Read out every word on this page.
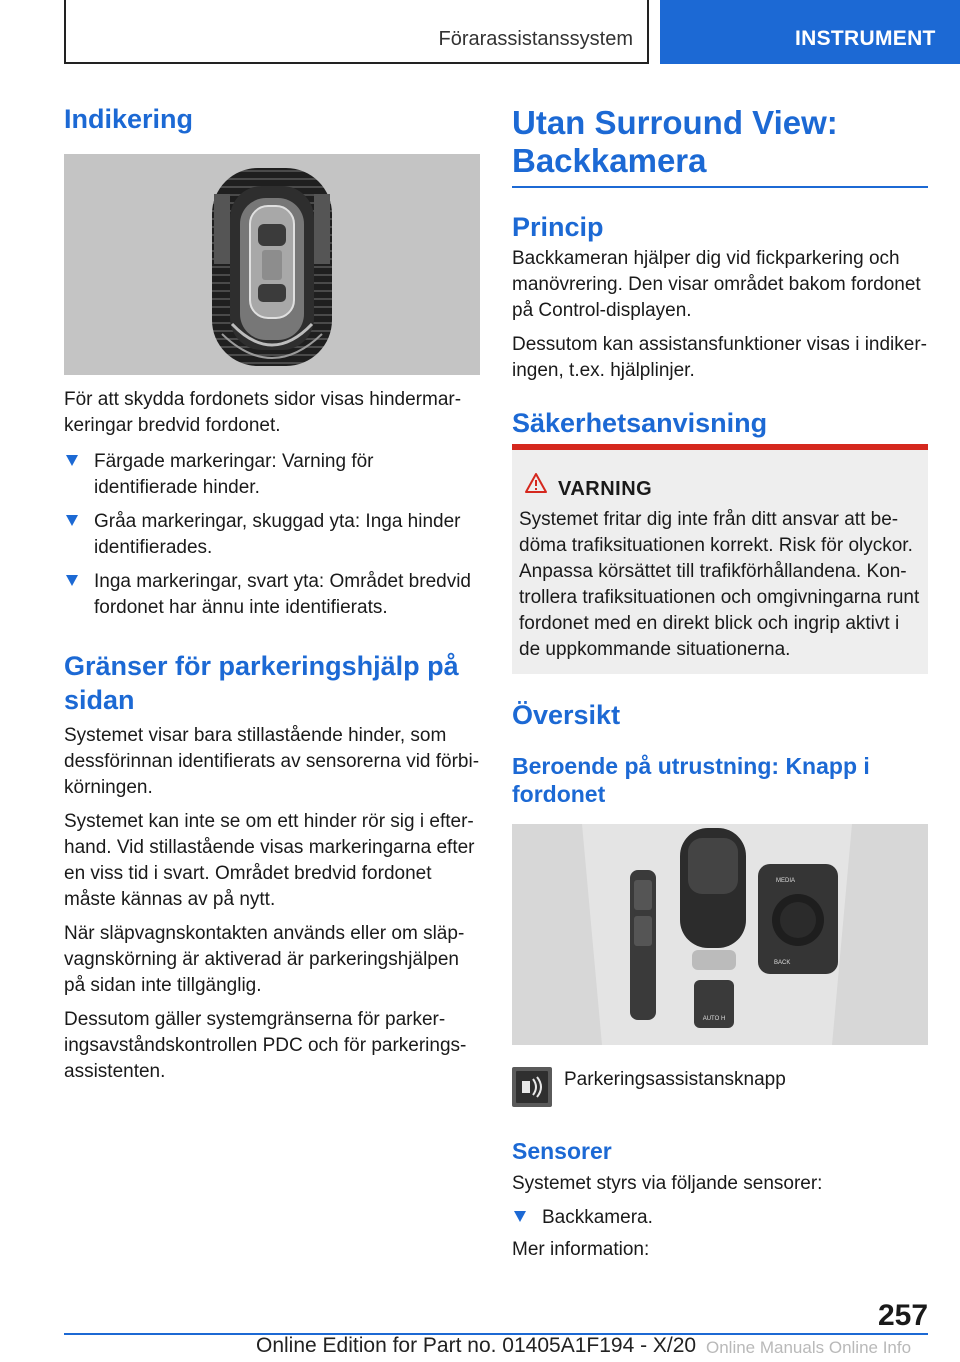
Förarassistanssystem	INSTRUMENT
Indikering

För att skydda fordonets sidor visas hindermar-keringar bredvid fordonet.

Färgade markeringar: Varning för identifierade hinder.
Gråa markeringar, skuggad yta: Inga hinder identifierades.
Inga markeringar, svart yta: Området bredvid fordonet har ännu inte identifierats.
Gränser för parkeringshjälp på sidan

Systemet visar bara stillastående hinder, som dessförinnan identifierats av sensorerna vid förbi-körningen.

Systemet kan inte se om ett hinder rör sig i efter-hand. Vid stillastående visas markeringarna efter en viss tid i svart. Området bredvid fordonet måste kännas av på nytt.

När släpvagnskontakten används eller om släp-vagnskörning är aktiverad är parkeringshjälpen på sidan inte tillgänglig.

Dessutom gäller systemgränserna för parker-ingsavståndskontrollen PDC och för parkerings-assistenten.

Utan Surround View: Backkamera
Princip

Backkameran hjälper dig vid fickparkering och manövrering. Den visar området bakom fordonet på Control-displayen.

Dessutom kan assistansfunktioner visas i indiker-ingen, t.ex. hjälplinjer.

Säkerhetsanvisning
VARNING
Systemet fritar dig inte från ditt ansvar att be-döma trafiksituationen korrekt. Risk för olyckor. Anpassa körsättet till trafikförhållandena. Kon-trollera trafiksituationen och omgivningarna runt fordonet med en direkt blick och ingrip aktivt i de uppkommande situationerna.
Översikt
Beroende på utrustning: Knapp i fordonet
AUTO H
MEDIA
BACK
Parkeringsassistansknapp
Sensorer

Systemet styrs via följande sensorer:

Backkamera.

Mer information:

257
Online Edition for Part no. 01405A1F194 - X/20 Online Manuals Online Info
